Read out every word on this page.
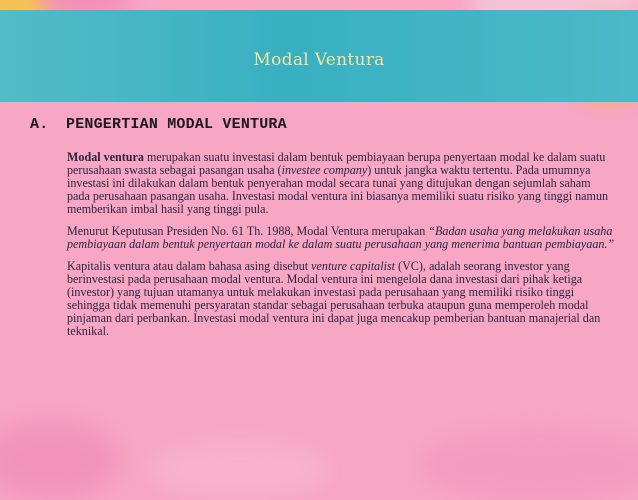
Modal Ventura
A. PENGERTIAN MODAL VENTURA

Modal ventura merupakan suatu investasi dalam bentuk pembiayaan berupa penyertaan modal ke dalam suatu perusahaan swasta sebagai pasangan usaha (investee company) untuk jangka waktu tertentu. Pada umumnya investasi ini dilakukan dalam bentuk penyerahan modal secara tunai yang ditujukan dengan sejumlah saham pada perusahaan pasangan usaha. Investasi modal ventura ini biasanya memiliki suatu risiko yang tinggi namun memberikan imbal hasil yang tinggi pula.

Menurut Keputusan Presiden No. 61 Th. 1988, Modal Ventura merupakan “Badan usaha yang melakukan usaha pembiayaan dalam bentuk penyertaan modal ke dalam suatu perusahaan yang menerima bantuan pembiayaan.”

Kapitalis ventura atau dalam bahasa asing disebut venture capitalist (VC), adalah seorang investor yang berinvestasi pada perusahaan modal ventura. Modal ventura ini mengelola dana investasi dari pihak ketiga (investor) yang tujuan utamanya untuk melakukan investasi pada perusahaan yang memiliki risiko tinggi sehingga tidak memenuhi persyaratan standar sebagai perusahaan terbuka ataupun guna memperoleh modal pinjaman dari perbankan. Investasi modal ventura ini dapat juga mencakup pemberian bantuan manajerial dan teknikal.
